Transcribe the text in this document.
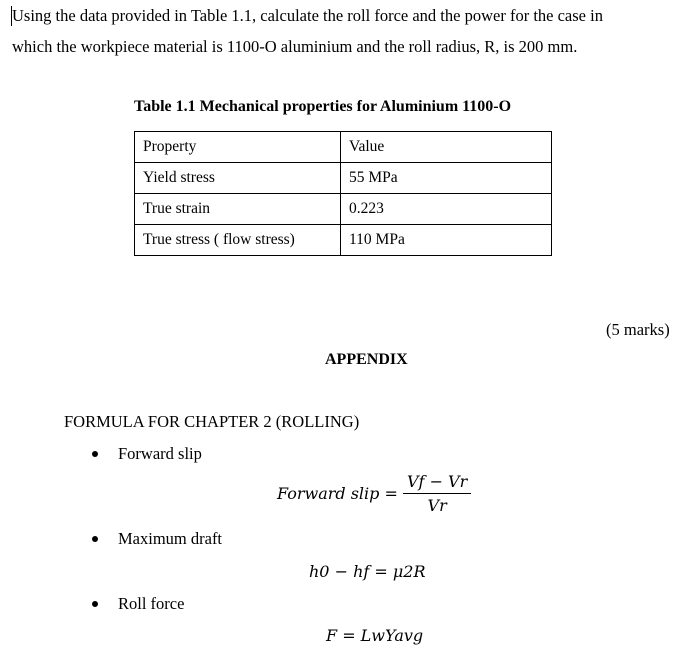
Using the data provided in Table 1.1, calculate the roll force and the power for the case in
which the workpiece material is 1100-O aluminium and the roll radius, R, is 200 mm.
Table 1.1 Mechanical properties for Aluminium 1100-O
Property	Value
Yield stress	55 MPa
True strain	0.223
True stress ( flow stress)	110 MPa
(5 marks)
APPENDIX
FORMULA FOR CHAPTER 2 (ROLLING)
Forward slip
Forward slip = $\frac{Vf - Vr}{Vr}$
Maximum draft
h0 − hf = μ2R
Roll force
F = LwYavg
